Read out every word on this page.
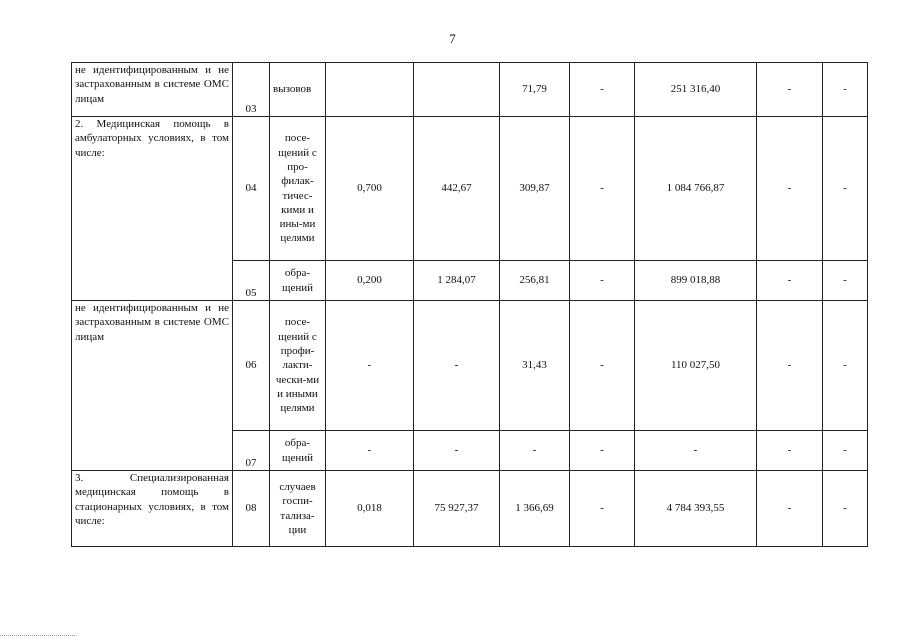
7
не идентифицированным и не застрахованным в системе ОМС лицам	03	вызовов			71,79	-	251 316,40	-	-
2. Медицинская помощь в амбулаторных условиях, в том числе:	04	посе-щений с про-филак-тичес-кими и ины-ми целями	0,700	442,67	309,87	-	1 084 766,87	-	-
	05	обра-щений	0,200	1 284,07	256,81	-	899 018,88	-	-
не идентифицированным и не застрахованным в системе ОМС лицам	06	посе-щений с профи-лакти-чески-ми и иными целями	-	-	31,43	-	110 027,50	-	-
	07	обра-щений	-	-	-	-	-	-	-
3. Специализированная медицинская помощь в стационарных условиях, в том числе:	08	случаев госпи-тализа-ции	0,018	75 927,37	1 366,69	-	4 784 393,55	-	-
